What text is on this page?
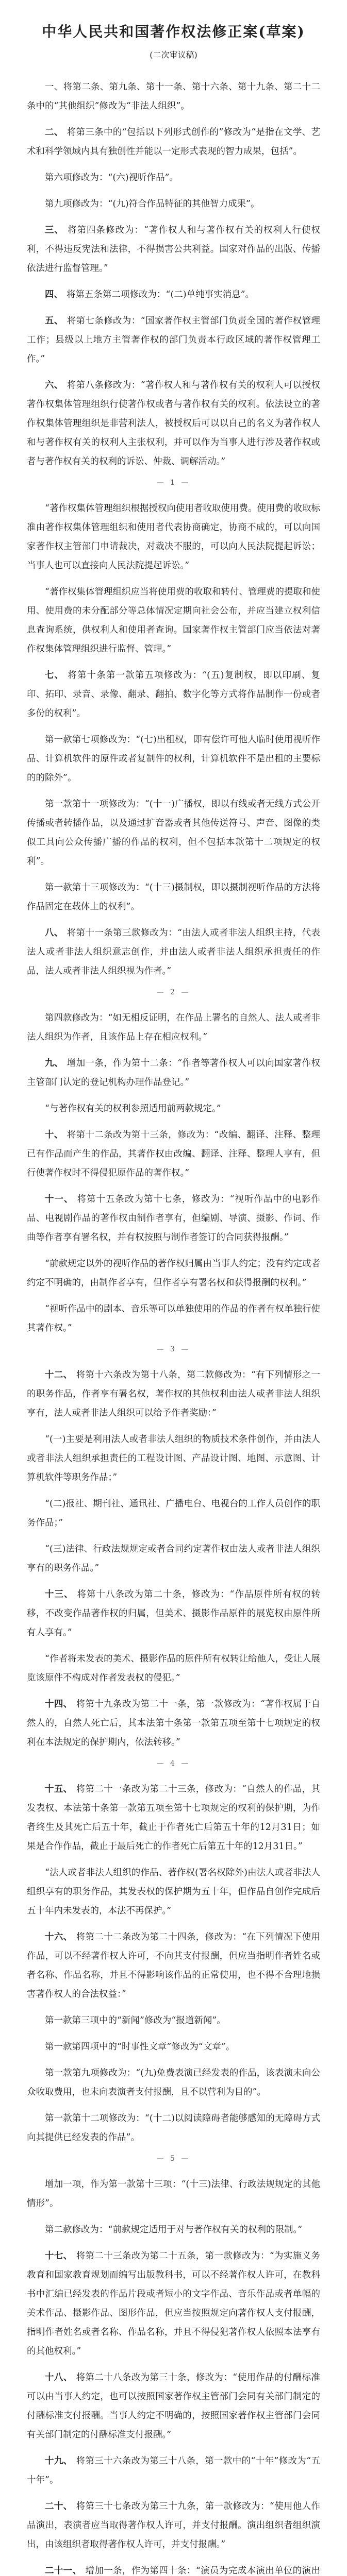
中华人民共和国著作权法修正案(草案)
(二次审议稿)
一、将第二条、第九条、第十一条、第十六条、第十九条、第二十二条中的“其他组织”修改为“非法人组织”。
二、 将第三条中的“包括以下列形式创作的”修改为“是指在文学、艺术和科学领域内具有独创性并能以一定形式表现的智力成果，包括”。
第六项修改为：“(六)视听作品”。
第九项修改为：“(九)符合作品特征的其他智力成果”。
三、 将第四条修改为：“著作权人和与著作权有关的权利人行使权利，不得违反宪法和法律，不得损害公共利益。国家对作品的出版、传播依法进行监督管理。”
四、 将第五条第二项修改为：“(二)单纯事实消息”。
五、 将第七条修改为：“国家著作权主管部门负责全国的著作权管理工作；县级以上地方主管著作权的部门负责本行政区域的著作权管理工作。”
六、 将第八条修改为：“著作权人和与著作权有关的权利人可以授权著作权集体管理组织行使著作权或者与著作权有关的权利。依法设立的著作权集体管理组织是非营利法人，被授权后可以以自己的名义为著作权人和与著作权有关的权利人主张权利，并可以作为当事人进行涉及著作权或者与著作权有关的权利的诉讼、仲裁、调解活动。”
— 1 —
“著作权集体管理组织根据授权向使用者收取使用费。使用费的收取标准由著作权集体管理组织和使用者代表协商确定，协商不成的，可以向国家著作权主管部门申请裁决，对裁决不服的，可以向人民法院提起诉讼；当事人也可以直接向人民法院提起诉讼。”
“著作权集体管理组织应当将使用费的收取和转付、管理费的提取和使用、使用费的未分配部分等总体情况定期向社会公布，并应当建立权利信息查询系统，供权利人和使用者查询。国家著作权主管部门应当依法对著作权集体管理组织进行监督、管理。”
七、 将第十条第一款第五项修改为：“(五)复制权，即以印刷、复印、拓印、录音、录像、翻录、翻拍、数字化等方式将作品制作一份或者多份的权利”。
第一款第七项修改为：“(七)出租权，即有偿许可他人临时使用视听作品、计算机软件的原件或者复制件的权利，计算机软件不是出租的主要标的的除外”。
第一款第十一项修改为：“(十一)广播权，即以有线或者无线方式公开传播或者转播作品，以及通过扩音器或者其他传送符号、声音、图像的类似工具向公众传播广播的作品的权利，但不包括本款第十二项规定的权利”。
第一款第十三项修改为：“(十三)摄制权，即以摄制视听作品的方法将作品固定在载体上的权利”。
八、 将第十一条第三款修改为：“由法人或者非法人组织主持，代表法人或者非法人组织意志创作，并由法人或者非法人组织承担责任的作品，法人或者非法人组织视为作者。”
— 2 —
第四款修改为：“如无相反证明，在作品上署名的自然人、法人或者非法人组织为作者，且该作品上存在相应权利。”
九、 增加一条，作为第十二条：“作者等著作权人可以向国家著作权主管部门认定的登记机构办理作品登记。”
“与著作权有关的权利参照适用前两款规定。”
十、 将第十二条改为第十三条，修改为：“改编、翻译、注释、整理已有作品而产生的作品，其著作权由改编、翻译、注释、整理人享有，但行使著作权时不得侵犯原作品的著作权。”
十一、 将第十五条改为第十七条，修改为：“视听作品中的电影作品、电视剧作品的著作权由制作者享有，但编剧、导演、摄影、作词、作曲等作者享有署名权，并有权按照与制作者签订的合同获得报酬。”
“前款规定以外的视听作品的著作权归属由当事人约定；没有约定或者约定不明确的，由制作者享有，但作者享有署名权和获得报酬的权利。”
“视听作品中的剧本、音乐等可以单独使用的作品的作者有权单独行使其著作权。”
— 3 —
十二、 将第十六条改为第十八条，第二款修改为：“有下列情形之一的职务作品，作者享有署名权，著作权的其他权利由法人或者非法人组织享有，法人或者非法人组织可以给予作者奖励：”
“(一)主要是利用法人或者非法人组织的物质技术条件创作，并由法人或者非法人组织承担责任的工程设计图、产品设计图、地图、示意图、计算机软件等职务作品；”
“(二)报社、期刊社、通讯社、广播电台、电视台的工作人员创作的职务作品；”
“(三)法律、行政法规规定或者合同约定著作权由法人或者非法人组织享有的职务作品。”
十三、 将第十八条改为第二十条，修改为：“作品原件所有权的转移，不改变作品著作权的归属，但美术、摄影作品原件的展览权由原件所有人享有。”
“作者将未发表的美术、摄影作品的原件所有权转让给他人，受让人展览该原件不构成对作者发表权的侵犯。”
十四、 将第十九条改为第二十一条，第一款修改为：“著作权属于自然人的，自然人死亡后，其本法第十条第一款第五项至第十七项规定的权利在本法规定的保护期内，依法转移。”
— 4 —
十五、 将第二十一条改为第二十三条，修改为：“自然人的作品，其发表权、本法第十条第一款第五项至第十七项规定的权利的保护期，为作者终生及其死亡后五十年，截止于作者死亡后第五十年的12月31日；如果是合作作品，截止于最后死亡的作者死亡后第五十年的12月31日。”
“法人或者非法人组织的作品、著作权(署名权除外)由法人或者非法人组织享有的职务作品，其发表权的保护期为五十年，但作品自创作完成后五十年内未发表的，本法不再保护。”
十六、 将第二十二条改为第二十四条，修改为：“在下列情况下使用作品，可以不经著作权人许可，不向其支付报酬，但应当指明作者姓名或者名称、作品名称，并且不得影响该作品的正常使用，也不得不合理地损害著作权人的合法权益：”
第一款第三项中的“新闻”修改为“报道新闻”。
第一款第四项中的“时事性文章”修改为“文章”。
第一款第九项修改为：“(九)免费表演已经发表的作品，该表演未向公众收取费用，也未向表演者支付报酬，且不以营利为目的”。
第一款第十二项修改为：“(十二)以阅读障碍者能够感知的无障碍方式向其提供已经发表的作品”。
— 5 —
增加一项，作为第一款第十三项：“(十三)法律、行政法规规定的其他情形”。
第二款修改为：“前款规定适用于对与著作权有关的权利的限制。”
十七、 将第二十三条改为第二十五条，第一款修改为：“为实施义务教育和国家教育规划而编写出版教科书，可以不经著作权人许可，在教科书中汇编已经发表的作品片段或者短小的文字作品、音乐作品或者单幅的美术作品、摄影作品、图形作品，但应当按照规定向著作权人支付报酬，指明作者姓名或者名称、作品名称，并且不得侵犯著作权人依照本法享有的其他权利。”
十八、 将第二十八条改为第三十条，修改为：“使用作品的付酬标准可以由当事人约定，也可以按照国家著作权主管部门会同有关部门制定的付酬标准支付报酬。当事人约定不明确的，按照国家著作权主管部门会同有关部门制定的付酬标准支付报酬。”
十九、 将第三十六条改为第三十八条，第一款中的“十年”修改为“五十年”。
二十、 将第三十七条改为第三十九条，第一款修改为：“使用他人作品演出，表演者应当取得著作权人许可，并支付报酬。演出组织者组织演出，由该组织者取得著作权人许可，并支付报酬。”
二十一、 增加一条，作为第四十条：“演员为完成本演出单位的演出
